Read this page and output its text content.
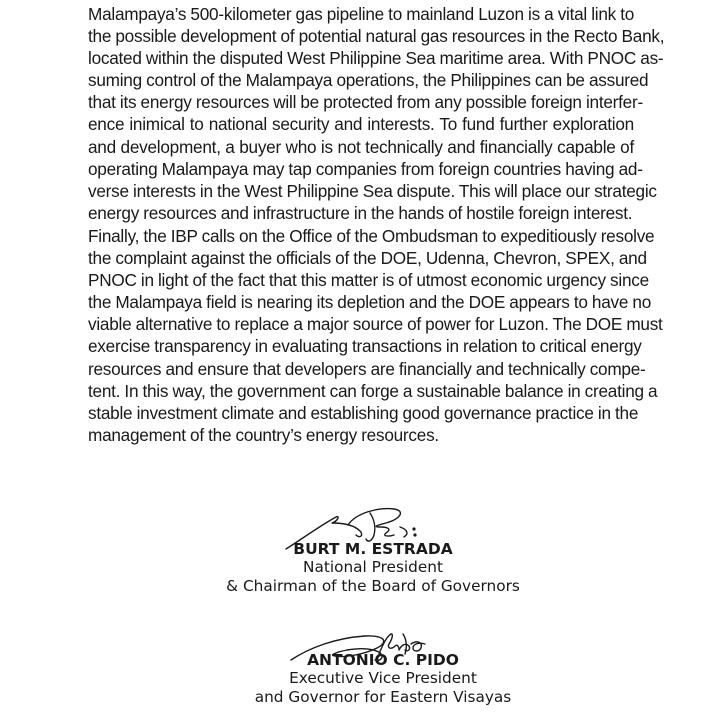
Malampaya’s 500-kilometer gas pipeline to mainland Luzon is a vital link to
the possible development of potential natural gas resources in the Recto Bank,
located within the disputed West Philippine Sea maritime area. With PNOC as-
suming control of the Malampaya operations, the Philippines can be assured
that its energy resources will be protected from any possible foreign interfer-
ence inimical to national security and interests. To fund further exploration
and development, a buyer who is not technically and financially capable of
operating Malampaya may tap companies from foreign countries having ad-
verse interests in the West Philippine Sea dispute. This will place our strategic
energy resources and infrastructure in the hands of hostile foreign interest.

Finally, the IBP calls on the Office of the Ombudsman to expeditiously resolve
the complaint against the officials of the DOE, Udenna, Chevron, SPEX, and
PNOC in light of the fact that this matter is of utmost economic urgency since
the Malampaya field is nearing its depletion and the DOE appears to have no
viable alternative to replace a major source of power for Luzon. The DOE must
exercise transparency in evaluating transactions in relation to critical energy
resources and ensure that developers are financially and technically compe-
tent. In this way, the government can forge a sustainable balance in creating a
stable investment climate and establishing good governance practice in the
management of the country’s energy resources.

BURT M. ESTRADA
National President
& Chairman of the Board of Governors
ANTONIO C. PIDO
Executive Vice President
and Governor for Eastern Visayas
